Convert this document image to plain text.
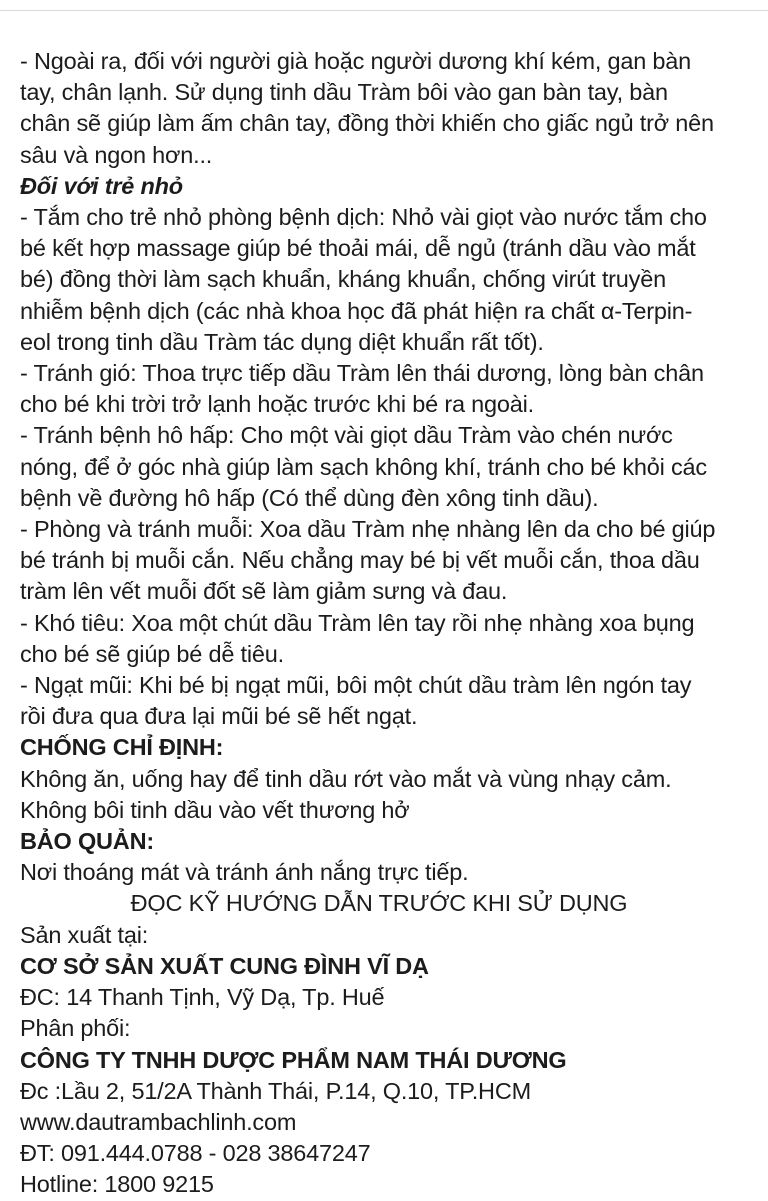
- Ngoài ra, đối với người già hoặc người dương khí kém, gan bàn
tay, chân lạnh. Sử dụng tinh dầu Tràm bôi vào gan bàn tay, bàn
chân sẽ giúp làm ấm chân tay, đồng thời khiến cho giấc ngủ trở nên
sâu và ngon hơn...
Đối với trẻ nhỏ
- Tắm cho trẻ nhỏ phòng bệnh dịch: Nhỏ vài giọt vào nước tắm cho
bé kết hợp massage giúp bé thoải mái, dễ ngủ (tránh dầu vào mắt
bé) đồng thời làm sạch khuẩn, kháng khuẩn, chống virút truyền
nhiễm bệnh dịch (các nhà khoa học đã phát hiện ra chất α-Terpin-
eol trong tinh dầu Tràm tác dụng diệt khuẩn rất tốt).
- Tránh gió: Thoa trực tiếp dầu Tràm lên thái dương, lòng bàn chân
cho bé khi trời trở lạnh hoặc trước khi bé ra ngoài.
- Tránh bệnh hô hấp: Cho một vài giọt dầu Tràm vào chén nước
nóng, để ở góc nhà giúp làm sạch không khí, tránh cho bé khỏi các
bệnh về đường hô hấp (Có thể dùng đèn xông tinh dầu).
- Phòng và tránh muỗi: Xoa dầu Tràm nhẹ nhàng lên da cho bé giúp
bé tránh bị muỗi cắn. Nếu chẳng may bé bị vết muỗi cắn, thoa dầu
tràm lên vết muỗi đốt sẽ làm giảm sưng và đau.
- Khó tiêu: Xoa một chút dầu Tràm lên tay rồi nhẹ nhàng xoa bụng
cho bé sẽ giúp bé dễ tiêu.
- Ngạt mũi: Khi bé bị ngạt mũi, bôi một chút dầu tràm lên ngón tay
rồi đưa qua đưa lại mũi bé sẽ hết ngạt.
CHỐNG CHỈ ĐỊNH:
Không ăn, uống hay để tinh dầu rớt vào mắt và vùng nhạy cảm.
Không bôi tinh dầu vào vết thương hở
BẢO QUẢN:
Nơi thoáng mát và tránh ánh nắng trực tiếp.
ĐỌC KỸ HƯỚNG DẪN TRƯỚC KHI SỬ DỤNG
Sản xuất tại:
CƠ SỞ SẢN XUẤT CUNG ĐÌNH VĨ DẠ
ĐC: 14 Thanh Tịnh, Vỹ Dạ, Tp. Huế
Phân phối:
CÔNG TY TNHH DƯỢC PHẨM NAM THÁI DƯƠNG
Đc :Lầu 2, 51/2A Thành Thái, P.14, Q.10, TP.HCM
www.dautrambachlinh.com
ĐT: 091.444.0788 - 028 38647247
Hotline: 1800 9215
